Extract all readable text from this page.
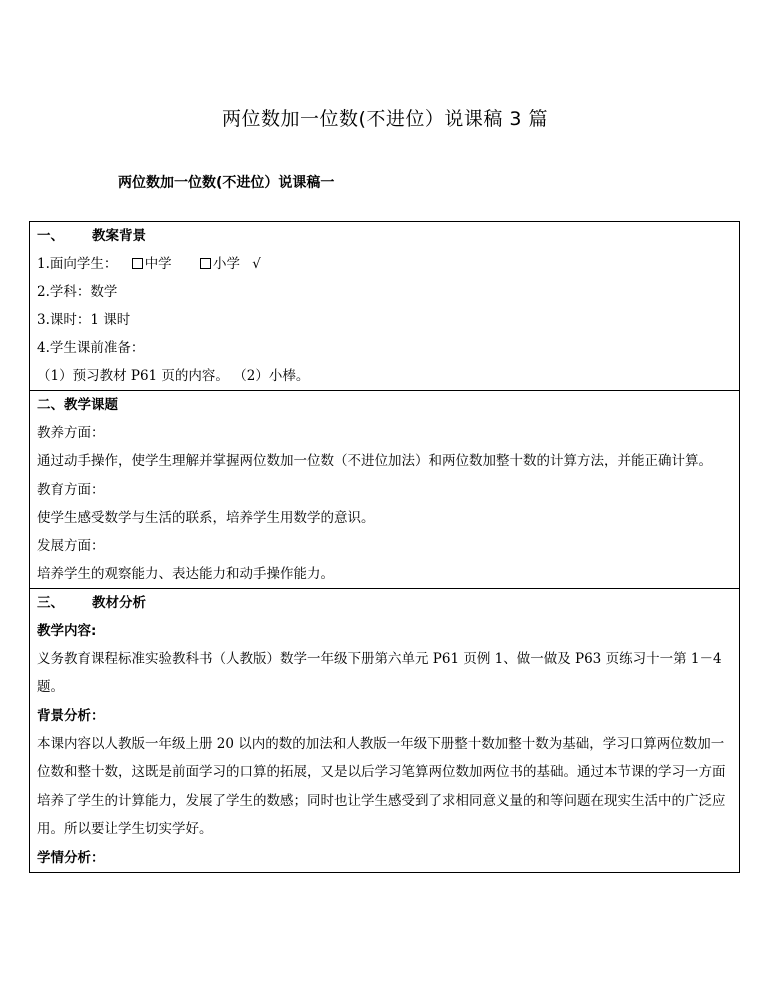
两位数加一位数(不进位）说课稿 3 篇
两位数加一位数(不进位）说课稿一
一、 教案背景
1.面向学生： 中学	小学 √
2.学科：数学
3.课时：1 课时
4.学生课前准备：
（1）预习教材 P61 页的内容。 （2）小棒。
二、教学课题
教养方面：
通过动手操作，使学生理解并掌握两位数加一位数（不进位加法）和两位数加整十数的计算方法，并能正确计算。
教育方面：
使学生感受数学与生活的联系，培养学生用数学的意识。
发展方面：
培养学生的观察能力、表达能力和动手操作能力。
三、 教材分析
教学内容:
义务教育课程标准实验教科书（人教版）数学一年级下册第六单元 P61 页例 1、做一做及 P63 页练习十一第 1－4 题。
背景分析：
本课内容以人教版一年级上册 20 以内的数的加法和人教版一年级下册整十数加整十数为基础，学习口算两位数加一位数和整十数，这既是前面学习的口算的拓展，又是以后学习笔算两位数加两位书的基础。通过本节课的学习一方面培养了学生的计算能力，发展了学生的数感；同时也让学生感受到了求相同意义量的和等问题在现实生活中的广泛应用。所以要让学生切实学好。
学情分析：
